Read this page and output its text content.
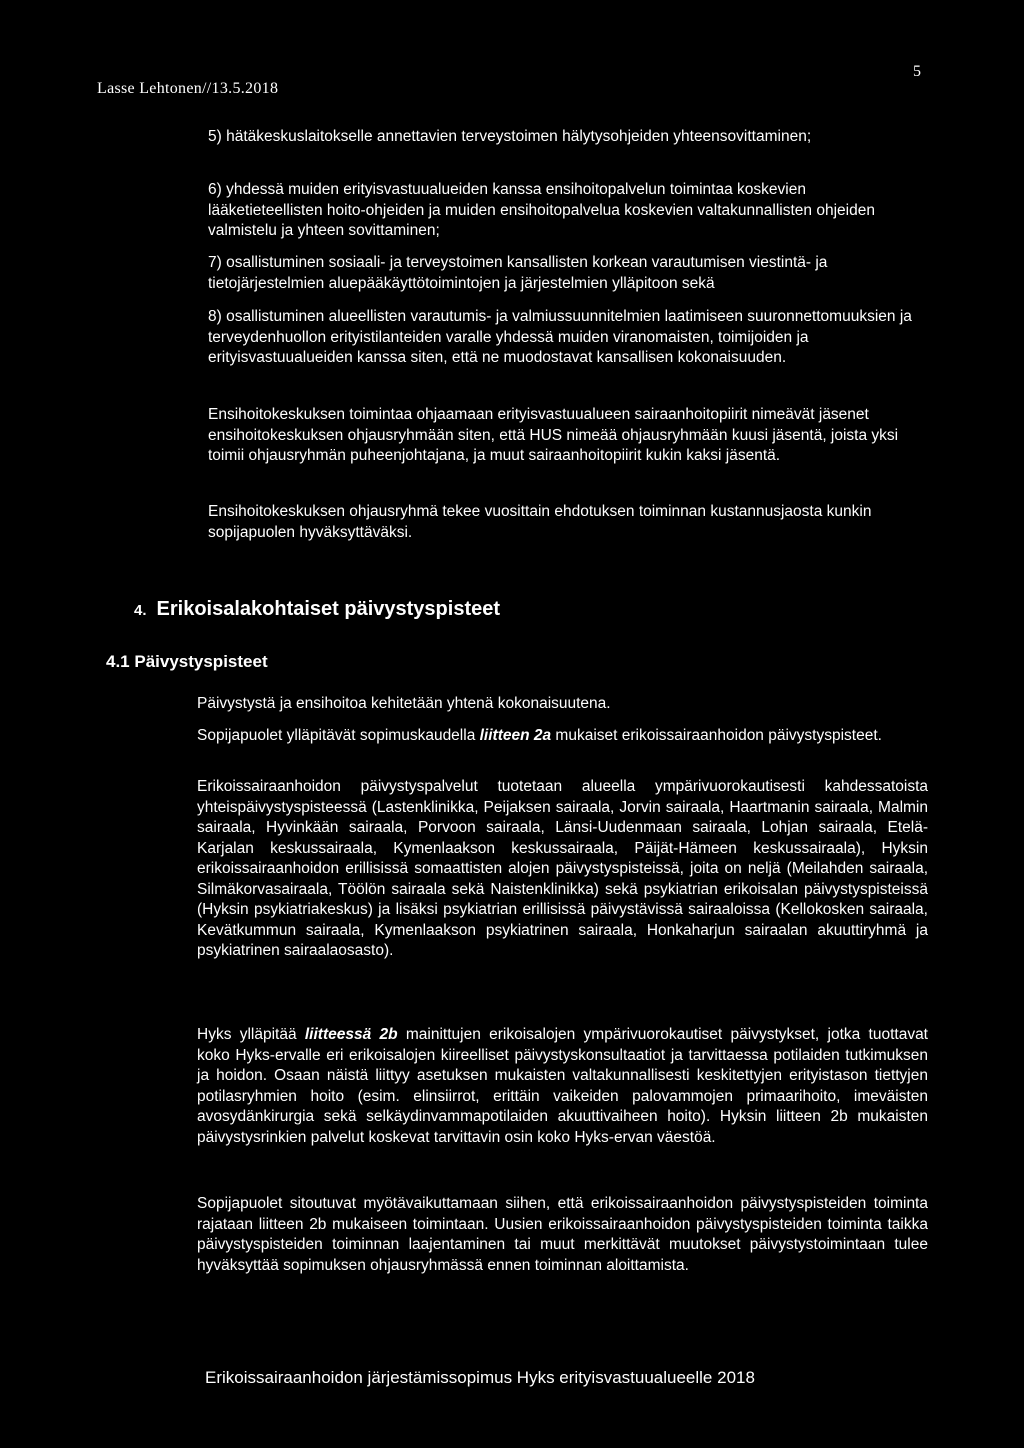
Lasse Lehtonen//13.5.2018
5

5) hätäkeskuslaitokselle annettavien terveystoimen hälytysohjeiden yhteensovittaminen;

6) yhdessä muiden erityisvastuualueiden kanssa ensihoitopalvelun toimintaa koskevien lääketieteellisten hoito-ohjeiden ja muiden ensihoitopalvelua koskevien valtakunnallisten ohjeiden valmistelu ja yhteen sovittaminen;

7) osallistuminen sosiaali- ja terveystoimen kansallisten korkean varautumisen viestintä- ja tietojärjestelmien aluepääkäyttötoimintojen ja järjestelmien ylläpitoon sekä

8) osallistuminen alueellisten varautumis- ja valmiussuunnitelmien laatimiseen suuronnettomuuksien ja terveydenhuollon erityistilanteiden varalle yhdessä muiden viranomaisten, toimijoiden ja erityisvastuualueiden kanssa siten, että ne muodostavat kansallisen kokonaisuuden.

Ensihoitokeskuksen toimintaa ohjaamaan erityisvastuualueen sairaanhoitopiirit nimeävät jäsenet ensihoitokeskuksen ohjausryhmään siten, että HUS nimeää ohjausryhmään kuusi jäsentä, joista yksi toimii ohjausryhmän puheenjohtajana, ja muut sairaanhoitopiirit kukin kaksi jäsentä.

Ensihoitokeskuksen ohjausryhmä tekee vuosittain ehdotuksen toiminnan kustannusjaosta kunkin sopijapuolen hyväksyttäväksi.

4. Erikoisalakohtaiset päivystyspisteet
4.1 Päivystyspisteet

Päivystystä ja ensihoitoa kehitetään yhtenä kokonaisuutena.

Sopijapuolet ylläpitävät sopimuskaudella liitteen 2a mukaiset erikoissairaanhoidon päivystyspisteet.

Erikoissairaanhoidon päivystyspalvelut tuotetaan alueella ympärivuorokautisesti kahdessatoista yhteispäivystyspisteessä (Lastenklinikka, Peijaksen sairaala, Jorvin sairaala, Haartmanin sairaala, Malmin sairaala, Hyvinkään sairaala, Porvoon sairaala, Länsi-Uudenmaan sairaala, Lohjan sairaala, Etelä-Karjalan keskussairaala, Kymenlaakson keskussairaala, Päijät-Hämeen keskussairaala), Hyksin erikoissairaanhoidon erillisissä somaattisten alojen päivystyspisteissä, joita on neljä (Meilahden sairaala, Silmäkorvasairaala, Töölön sairaala sekä Naistenklinikka) sekä psykiatrian erikoisalan päivystyspisteissä (Hyksin psykiatriakeskus) ja lisäksi psykiatrian erillisissä päivystävissä sairaaloissa (Kellokosken sairaala, Kevätkummun sairaala, Kymenlaakson psykiatrinen sairaala, Honkaharjun sairaalan akuuttiryhmä ja psykiatrinen sairaalaosasto).

Hyks ylläpitää liitteessä 2b mainittujen erikoisalojen ympärivuorokautiset päivystykset, jotka tuottavat koko Hyks-ervalle eri erikoisalojen kiireelliset päivystyskonsultaatiot ja tarvittaessa potilaiden tutkimuksen ja hoidon. Osaan näistä liittyy asetuksen mukaisten valtakunnallisesti keskitettyjen erityistason tiettyjen potilasryhmien hoito (esim. elinsiirrot, erittäin vaikeiden palovammojen primaarihoito, imeväisten avosydänkirurgia sekä selkäydinvammapotilaiden akuuttivaiheen hoito). Hyksin liitteen 2b mukaisten päivystysrinkien palvelut koskevat tarvittavin osin koko Hyks-ervan väestöä.

Sopijapuolet sitoutuvat myötävaikuttamaan siihen, että erikoissairaanhoidon päivystyspisteiden toiminta rajataan liitteen 2b mukaiseen toimintaan. Uusien erikoissairaanhoidon päivystyspisteiden toiminta taikka päivystyspisteiden toiminnan laajentaminen tai muut merkittävät muutokset päivystystoimintaan tulee hyväksyttää sopimuksen ohjausryhmässä ennen toiminnan aloittamista.

Erikoissairaanhoidon järjestämissopimus Hyks erityisvastuualueelle 2018
